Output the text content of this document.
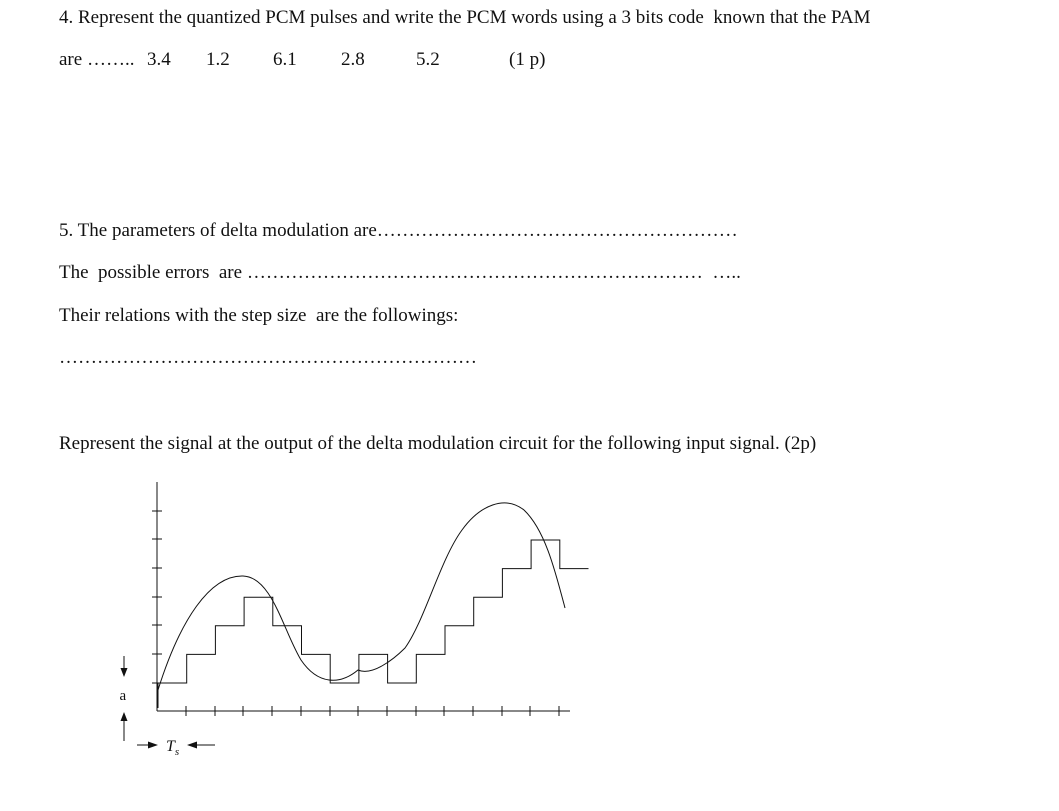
4. Represent the quantized PCM pulses and write the PCM words using a 3 bits code  known that the PAM
are …….. 3.4 1.2 6.1 2.8	5.2	(1 p)
5. The parameters of delta modulation are…………………………………………………
The  possible errors  are ………………………………………………………………  …..
Their relations with the step size  are the followings:
…………………………………………………………
Represent the signal at the output of the delta modulation circuit for the following input signal. (2p)
a
$T_s$
